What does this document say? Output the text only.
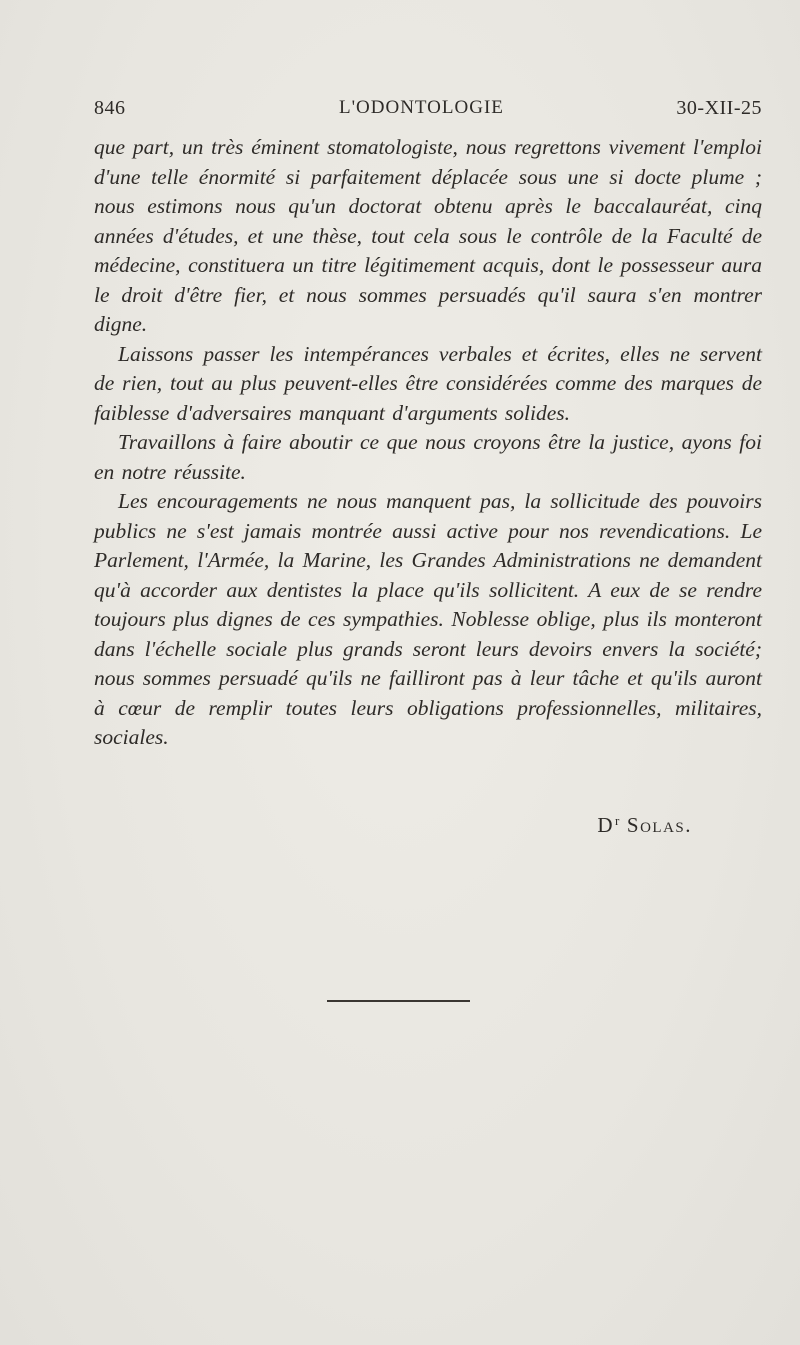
846	L'ODONTOLOGIE	30-XII-25

que part, un très éminent stomatologiste, nous regrettons vivement l'emploi d'une telle énormité si parfaitement déplacée sous une si docte plume ; nous estimons nous qu'un doctorat obtenu après le baccalauréat, cinq années d'études, et une thèse, tout cela sous le contrôle de la Faculté de médecine, constituera un titre légitimement acquis, dont le possesseur aura le droit d'être fier, et nous sommes persuadés qu'il saura s'en montrer digne.

Laissons passer les intempérances verbales et écrites, elles ne servent de rien, tout au plus peuvent-elles être considérées comme des marques de faiblesse d'adversaires manquant d'arguments solides.

Travaillons à faire aboutir ce que nous croyons être la justice, ayons foi en notre réussite.

Les encouragements ne nous manquent pas, la sollicitude des pouvoirs publics ne s'est jamais montrée aussi active pour nos revendications. Le Parlement, l'Armée, la Marine, les Grandes Administrations ne demandent qu'à accorder aux dentistes la place qu'ils sollicitent. A eux de se rendre toujours plus dignes de ces sympathies. Noblesse oblige, plus ils monteront dans l'échelle sociale plus grands seront leurs devoirs envers la société; nous sommes persuadé qu'ils ne failliront pas à leur tâche et qu'ils auront à cœur de remplir toutes leurs obligations professionnelles, militaires, sociales.

$D^r$ Solas.
